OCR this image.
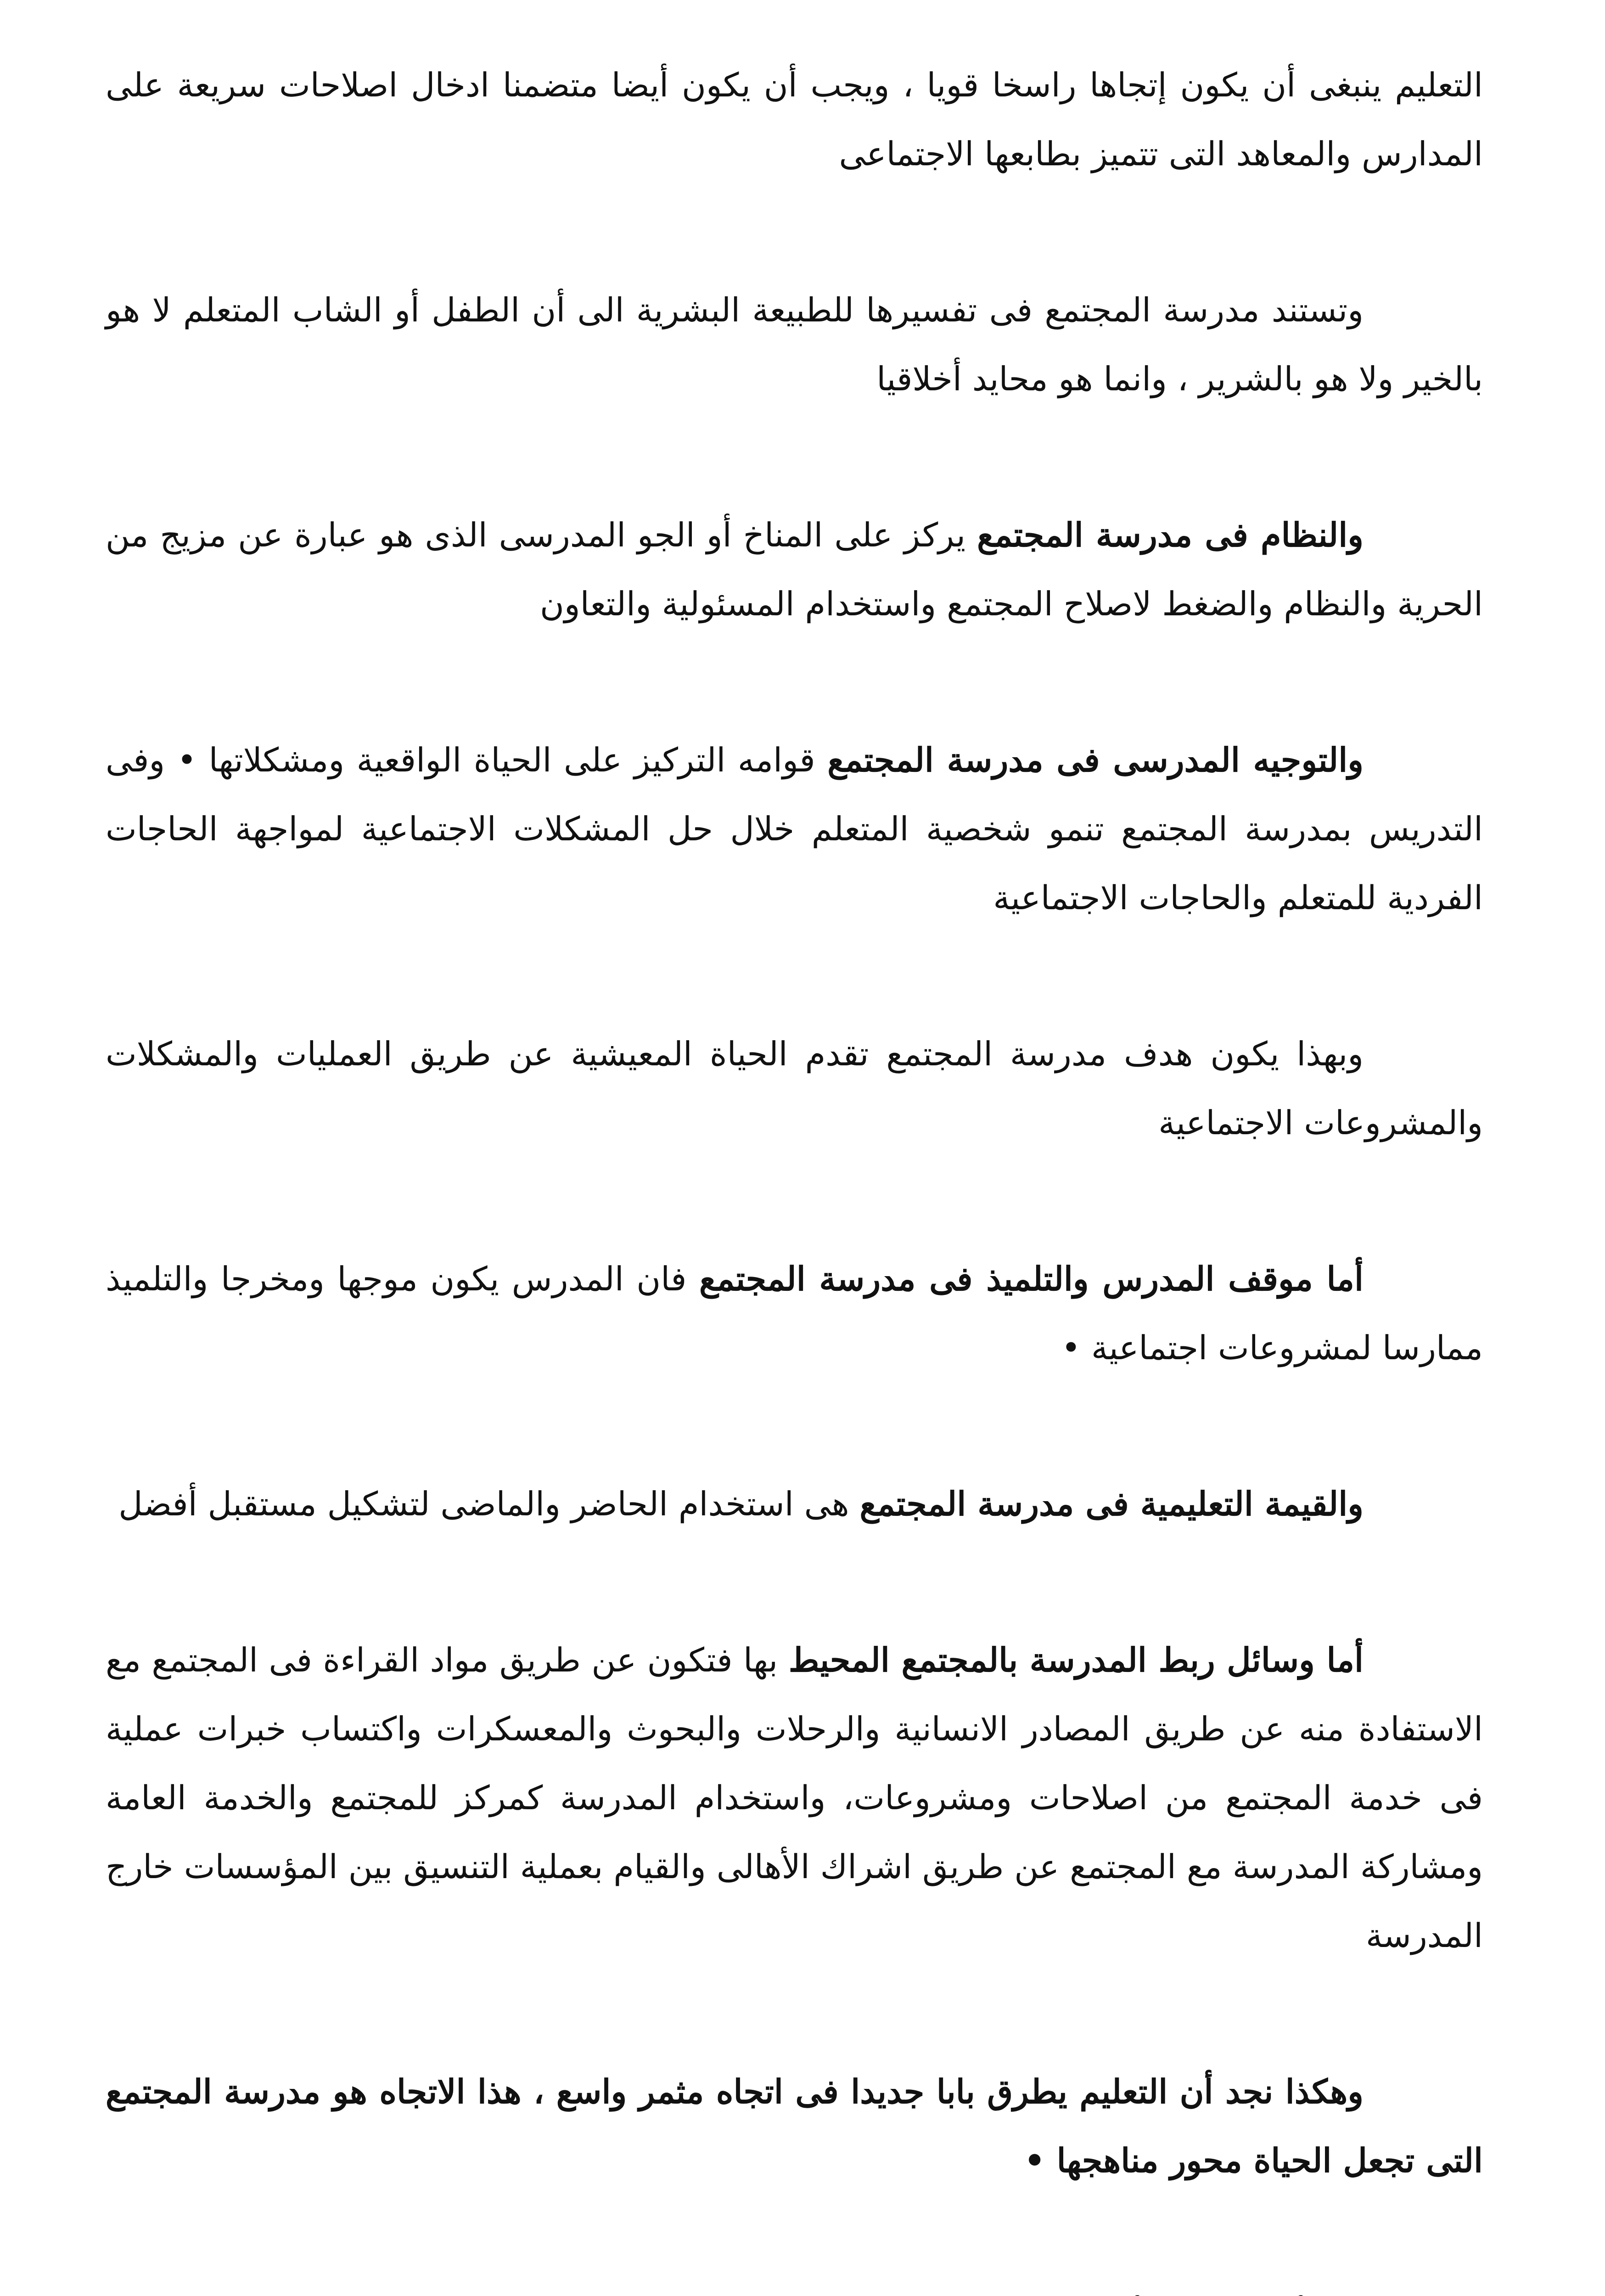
التعليم ينبغى أن يكون إتجاها راسخا قويا ، ويجب أن يكون أيضا متضمنا ادخال اصلاحات سريعة على المدارس والمعاهد التى تتميز بطابعها الاجتماعى

وتستند مدرسة المجتمع فى تفسيرها للطبيعة البشرية الى أن الطفل أو الشاب المتعلم لا هو بالخير ولا هو بالشرير ، وانما هو محايد أخلاقيا

والنظام فى مدرسة المجتمع يركز على المناخ أو الجو المدرسى الذى هو عبارة عن مزيج من الحرية والنظام والضغط لاصلاح المجتمع واستخدام المسئولية والتعاون

والتوجيه المدرسى فى مدرسة المجتمع قوامه التركيز على الحياة الواقعية ومشكلاتها • وفى التدريس بمدرسة المجتمع تنمو شخصية المتعلم خلال حل المشكلات الاجتماعية لمواجهة الحاجات الفردية للمتعلم والحاجات الاجتماعية

وبهذا يكون هدف مدرسة المجتمع تقدم الحياة المعيشية عن طريق العمليات والمشكلات والمشروعات الاجتماعية

أما موقف المدرس والتلميذ فى مدرسة المجتمع فان المدرس يكون موجها ومخرجا والتلميذ ممارسا لمشروعات اجتماعية •

والقيمة التعليمية فى مدرسة المجتمع هى استخدام الحاضر والماضى لتشكيل مستقبل أفضل

أما وسائل ربط المدرسة بالمجتمع المحيط بها فتكون عن طريق مواد القراءة فى المجتمع مع الاستفادة منه عن طريق المصادر الانسانية والرحلات والبحوث والمعسكرات واكتساب خبرات عملية فى خدمة المجتمع من اصلاحات ومشروعات، واستخدام المدرسة كمركز للمجتمع والخدمة العامة ومشاركة المدرسة مع المجتمع عن طريق اشراك الأهالى والقيام بعملية التنسيق بين المؤسسات خارج المدرسة

وهكذا نجد أن التعليم يطرق بابا جديدا فى اتجاه مثمر واسع ، هذا الاتجاه هو مدرسة المجتمع التى تجعل الحياة محور مناهجها •
